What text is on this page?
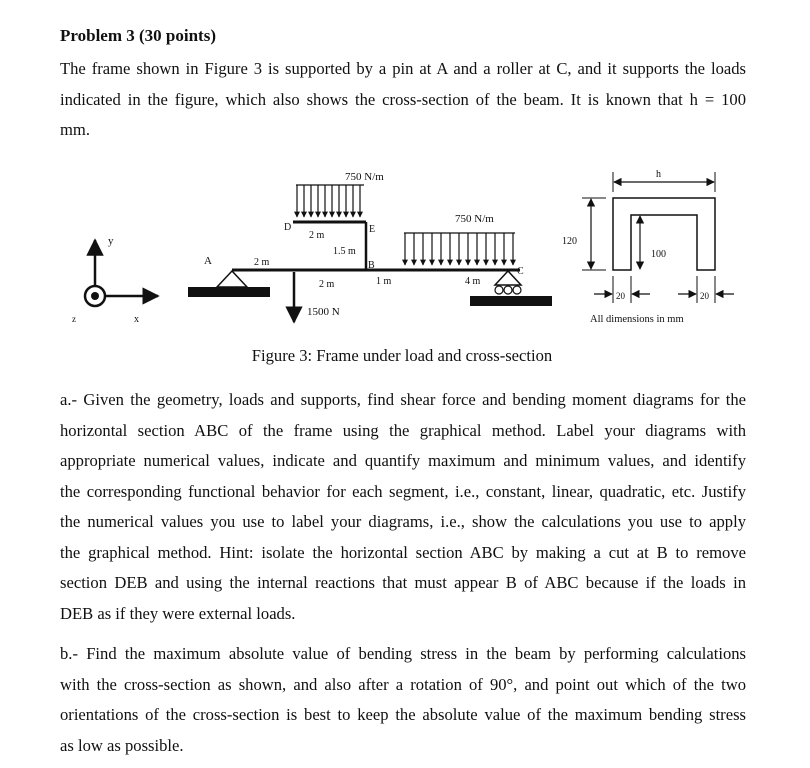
Problem 3 (30 points)
The frame shown in Figure 3 is supported by a pin at A and a roller at C, and it supports the loads
indicated in the figure, which also shows the cross-section of the beam. It is known that h = 100
mm.
y
z	x
750 N/m
750 N/m
1500 N
A	B
C
D	E
2 m
2 m
1.5 m
2 m	1 m	4 m
h
120
100
20	20
All dimensions in mm
Figure 3: Frame under load and cross-section
a.- Given the geometry, loads and supports, find shear force and bending moment diagrams for the
horizontal section ABC of the frame using the graphical method. Label your diagrams with
appropriate numerical values, indicate and quantify maximum and minimum values, and identify
the corresponding functional behavior for each segment, i.e., constant, linear, quadratic, etc. Justify
the numerical values you use to label your diagrams, i.e., show the calculations you use to apply
the graphical method. Hint: isolate the horizontal section ABC by making a cut at B to remove
section DEB and using the internal reactions that must appear B of ABC because if the loads in
DEB as if they were external loads.
b.- Find the maximum absolute value of bending stress in the beam by performing calculations
with the cross-section as shown, and also after a rotation of 90°, and point out which of the two
orientations of the cross-section is best to keep the absolute value of the maximum bending stress
as low as possible.
